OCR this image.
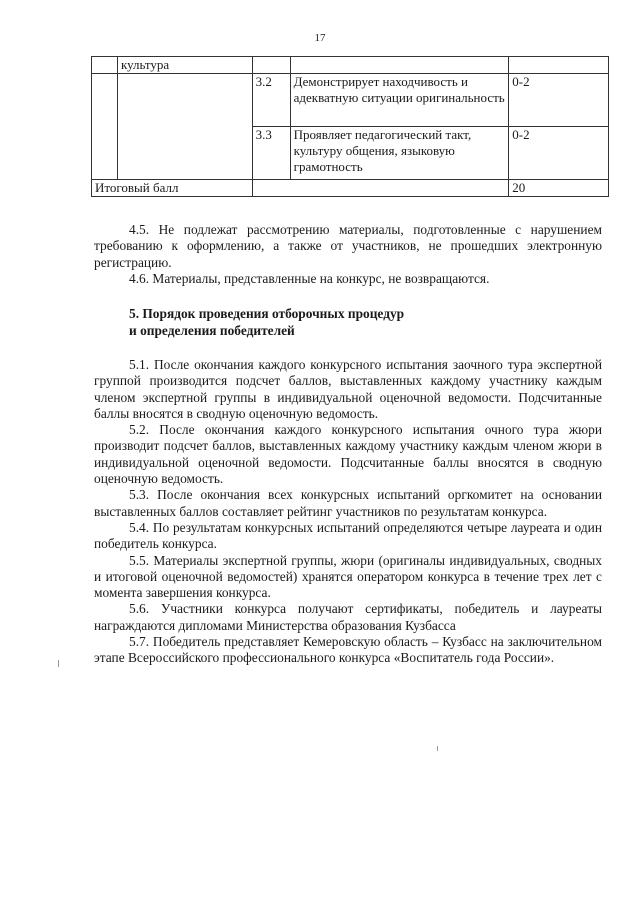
17
	культура			
		3.2	Демонстрирует находчивость и адекватную ситуации оригинальность	0-2
		3.3	Проявляет педагогический такт, культуру общения, языковую грамотность	0-2
Итоговый балл				20

4.5. Не подлежат рассмотрению материалы, подготовленные с нарушением требованию к оформлению, а также от участников, не прошедших электронную регистрацию.

4.6. Материалы, представленные на конкурс, не возвращаются.

5. Порядок проведения отборочных процедур

и определения победителей

5.1. После окончания каждого конкурсного испытания заочного тура экспертной группой производится подсчет баллов, выставленных каждому участнику каждым членом экспертной группы в индивидуальной оценочной ведомости. Подсчитанные баллы вносятся в сводную оценочную ведомость.

5.2. После окончания каждого конкурсного испытания очного тура жюри производит подсчет баллов, выставленных каждому участнику каждым членом жюри в индивидуальной оценочной ведомости. Подсчитанные баллы вносятся в сводную оценочную ведомость.

5.3. После окончания всех конкурсных испытаний оргкомитет на основании выставленных баллов составляет рейтинг участников по результатам конкурса.

5.4. По результатам конкурсных испытаний определяются четыре лауреата и один победитель конкурса.

5.5. Материалы экспертной группы, жюри (оригиналы индивидуальных, сводных и итоговой оценочной ведомостей) хранятся оператором конкурса в течение трех лет с момента завершения конкурса.

5.6. Участники конкурса получают сертификаты, победитель и лауреаты награждаются дипломами Министерства образования Кузбасса

5.7. Победитель представляет Кемеровскую область – Кузбасс на заключительном этапе Всероссийского профессионального конкурса «Воспитатель года России».
